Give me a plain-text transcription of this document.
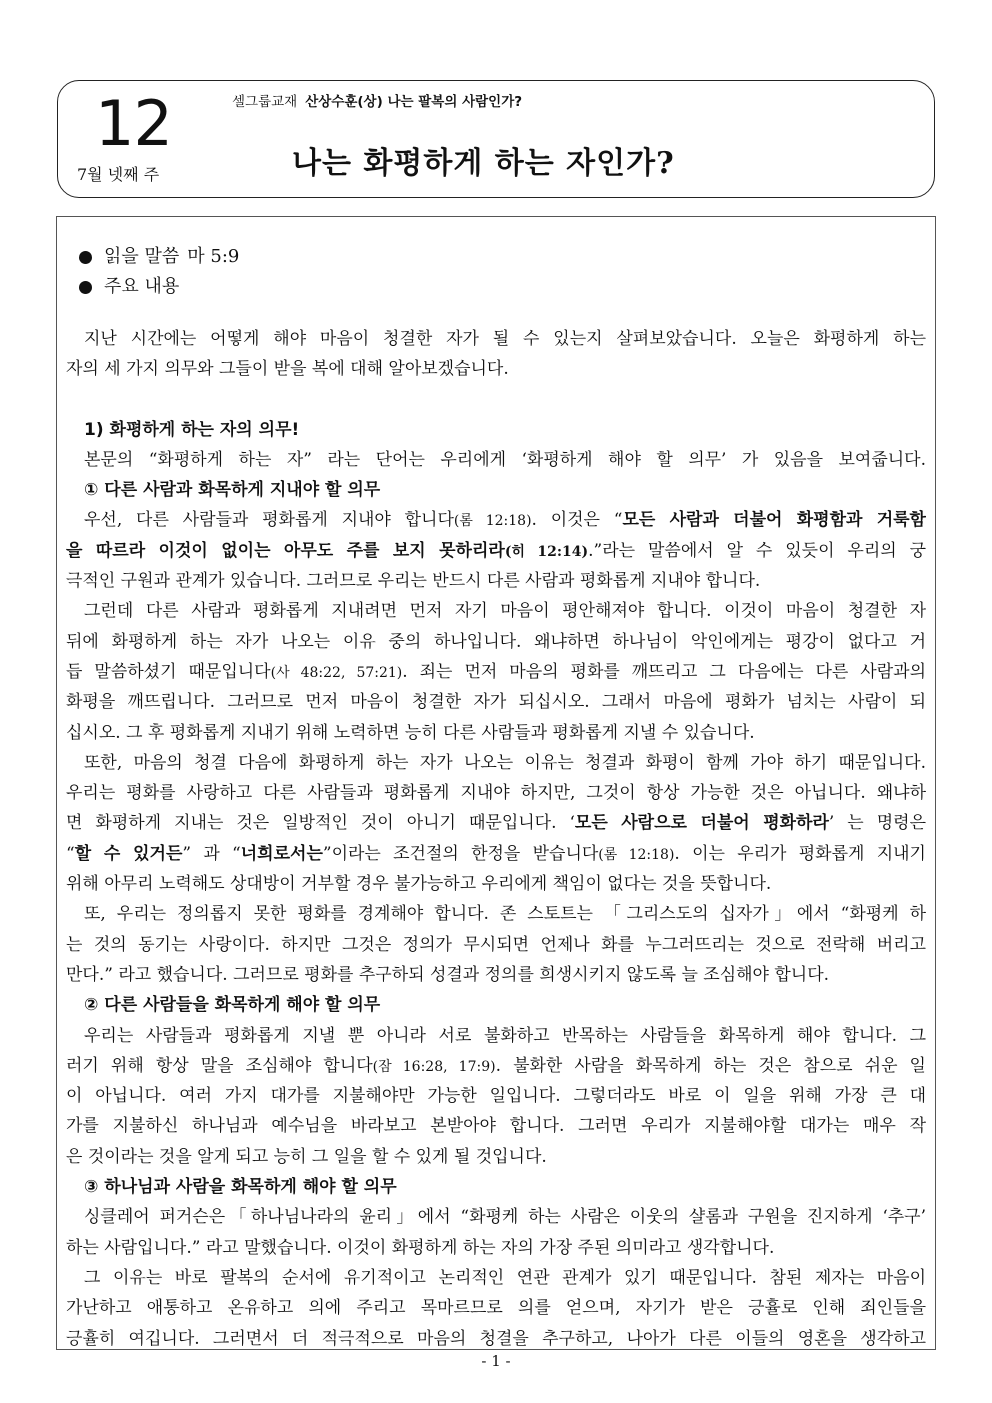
12
7월 넷째 주
셀그룹교재 산상수훈(상) 나는 팔복의 사람인가?
나는 화평하게 하는 자인가?
읽을 말씀 마 5:9
주요 내용
지난 시간에는 어떻게 해야 마음이 청결한 자가 될 수 있는지 살펴보았습니다. 오늘은 화평하게 하는
자의 세 가지 의무와 그들이 받을 복에 대해 알아보겠습니다.
1) 화평하게 하는 자의 의무!
본문의 “화평하게 하는 자” 라는 단어는 우리에게 ‘화평하게 해야 할 의무’ 가 있음을 보여줍니다.
① 다른 사람과 화목하게 지내야 할 의무
우선, 다른 사람들과 평화롭게 지내야 합니다(롬 12:18). 이것은 “모든 사람과 더불어 화평함과 거룩함
을 따르라 이것이 없이는 아무도 주를 보지 못하리라(히 12:14).”라는 말씀에서 알 수 있듯이 우리의 궁
극적인 구원과 관계가 있습니다. 그러므로 우리는 반드시 다른 사람과 평화롭게 지내야 합니다.
그런데 다른 사람과 평화롭게 지내려면 먼저 자기 마음이 평안해져야 합니다. 이것이 마음이 청결한 자
뒤에 화평하게 하는 자가 나오는 이유 중의 하나입니다. 왜냐하면 하나님이 악인에게는 평강이 없다고 거
듭 말씀하셨기 때문입니다(사 48:22, 57:21). 죄는 먼저 마음의 평화를 깨뜨리고 그 다음에는 다른 사람과의
화평을 깨뜨립니다. 그러므로 먼저 마음이 청결한 자가 되십시오. 그래서 마음에 평화가 넘치는 사람이 되
십시오. 그 후 평화롭게 지내기 위해 노력하면 능히 다른 사람들과 평화롭게 지낼 수 있습니다.
또한, 마음의 청결 다음에 화평하게 하는 자가 나오는 이유는 청결과 화평이 함께 가야 하기 때문입니다.
우리는 평화를 사랑하고 다른 사람들과 평화롭게 지내야 하지만, 그것이 항상 가능한 것은 아닙니다. 왜냐하
면 화평하게 지내는 것은 일방적인 것이 아니기 때문입니다. ‘모든 사람으로 더불어 평화하라’ 는 명령은
“할 수 있거든” 과 “너희로서는”이라는 조건절의 한정을 받습니다(롬 12:18). 이는 우리가 평화롭게 지내기
위해 아무리 노력해도 상대방이 거부할 경우 불가능하고 우리에게 책임이 없다는 것을 뜻합니다.
또, 우리는 정의롭지 못한 평화를 경계해야 합니다. 존 스토트는 「그리스도의 십자가」에서 “화평케 하
는 것의 동기는 사랑이다. 하지만 그것은 정의가 무시되면 언제나 화를 누그러뜨리는 것으로 전락해 버리고
만다.” 라고 했습니다. 그러므로 평화를 추구하되 성결과 정의를 희생시키지 않도록 늘 조심해야 합니다.
② 다른 사람들을 화목하게 해야 할 의무
우리는 사람들과 평화롭게 지낼 뿐 아니라 서로 불화하고 반목하는 사람들을 화목하게 해야 합니다. 그
러기 위해 항상 말을 조심해야 합니다(잠 16:28, 17:9). 불화한 사람을 화목하게 하는 것은 참으로 쉬운 일
이 아닙니다. 여러 가지 대가를 지불해야만 가능한 일입니다. 그렇더라도 바로 이 일을 위해 가장 큰 대
가를 지불하신 하나님과 예수님을 바라보고 본받아야 합니다. 그러면 우리가 지불해야할 대가는 매우 작
은 것이라는 것을 알게 되고 능히 그 일을 할 수 있게 될 것입니다.
③ 하나님과 사람을 화목하게 해야 할 의무
싱클레어 퍼거슨은「하나님나라의 윤리」에서 “화평케 하는 사람은 이웃의 샬롬과 구원을 진지하게 ‘추구’
하는 사람입니다.” 라고 말했습니다. 이것이 화평하게 하는 자의 가장 주된 의미라고 생각합니다.
그 이유는 바로 팔복의 순서에 유기적이고 논리적인 연관 관계가 있기 때문입니다. 참된 제자는 마음이
가난하고 애통하고 온유하고 의에 주리고 목마르므로 의를 얻으며, 자기가 받은 긍휼로 인해 죄인들을
긍휼히 여깁니다. 그러면서 더 적극적으로 마음의 청결을 추구하고, 나아가 다른 이들의 영혼을 생각하고
- 1 -
